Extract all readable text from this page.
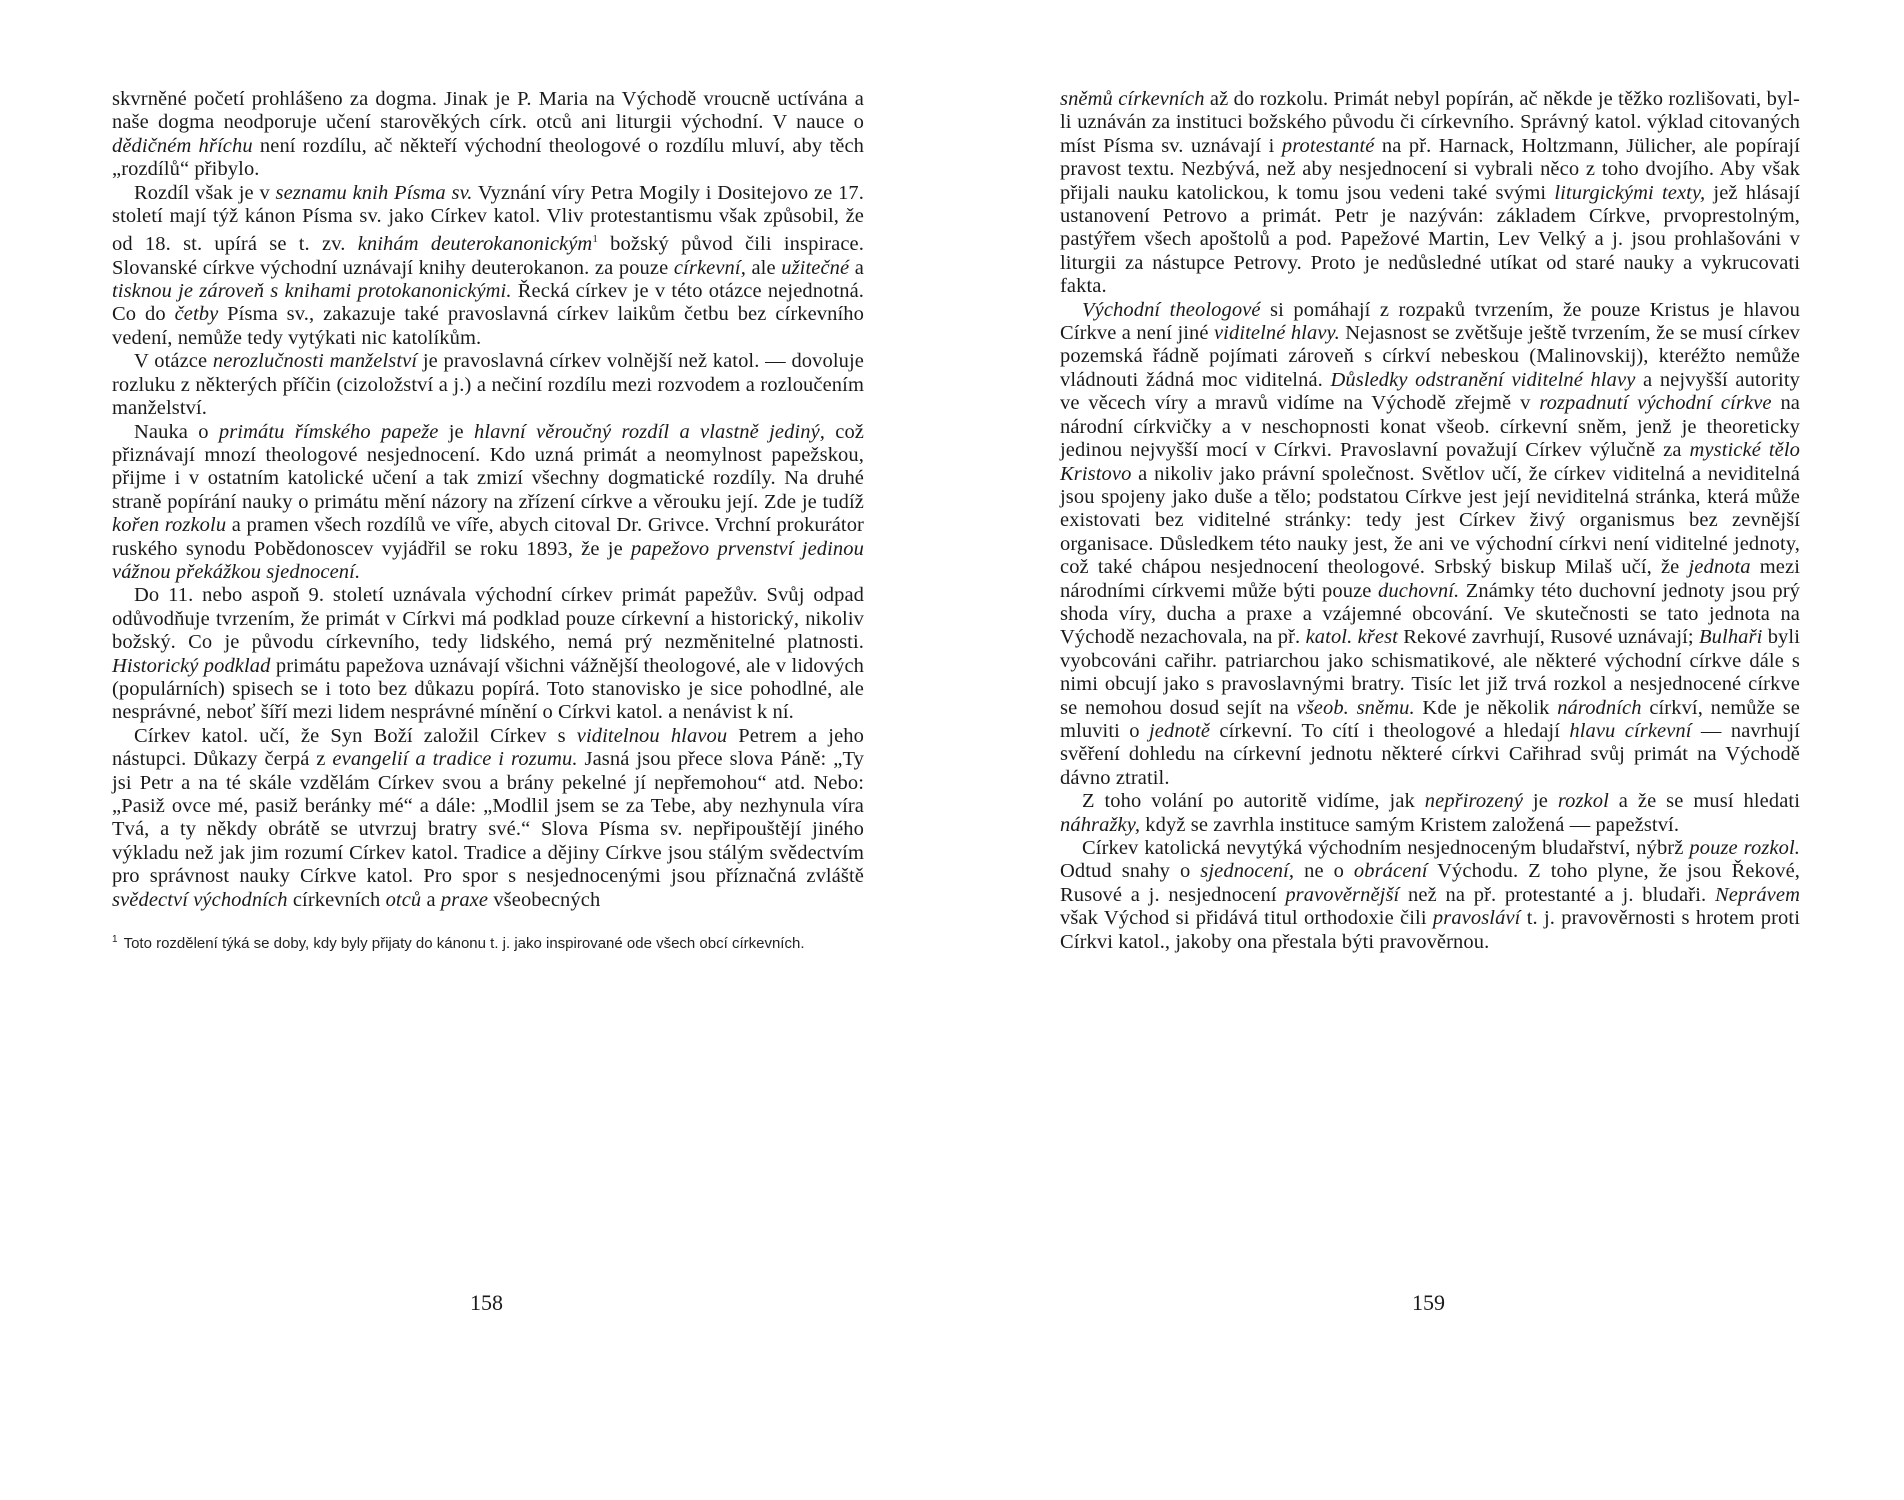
skvrněné početí prohlášeno za dogma. Jinak je P. Maria na Východě vroucně uctívána a naše dogma neodporuje učení starověkých círk. otců ani liturgii východní. V nauce o dědičném hříchu není rozdílu, ač někteří východní theologové o rozdílu mluví, aby těch „rozdílů“ přibylo.

Rozdíl však je v seznamu knih Písma sv. Vyznání víry Petra Mogily i Dositejovo ze 17. století mají týž kánon Písma sv. jako Církev katol. Vliv protestantismu však způsobil, že od 18. st. upírá se t. zv. knihám deuterokanonickým$^1$ božský původ čili inspirace. Slovanské církve východní uznávají knihy deuterokanon. za pouze církevní, ale užitečné a tisknou je zároveň s knihami protokanonickými. Řecká církev je v této otázce nejednotná. Co do četby Písma sv., zakazuje také pravoslavná církev laikům četbu bez církevního vedení, nemůže tedy vytýkati nic katolíkům.

V otázce nerozlučnosti manželství je pravoslavná církev volnější než katol. — dovoluje rozluku z některých příčin (cizoložství a j.) a nečiní rozdílu mezi rozvodem a rozloučením manželství.

Nauka o primátu římského papeže je hlavní věroučný rozdíl a vlastně jediný, což přiznávají mnozí theologové nesjednocení. Kdo uzná primát a neomylnost papežskou, přijme i v ostatním katolické učení a tak zmizí všechny dogmatické rozdíly. Na druhé straně popírání nauky o primátu mění názory na zřízení církve a věrouku její. Zde je tudíž kořen rozkolu a pramen všech rozdílů ve víře, abych citoval Dr. Grivce. Vrchní prokurátor ruského synodu Pobědonoscev vyjádřil se roku 1893, že je papežovo prvenství jedinou vážnou překážkou sjednocení.

Do 11. nebo aspoň 9. století uznávala východní církev primát papežův. Svůj odpad odůvodňuje tvrzením, že primát v Církvi má podklad pouze církevní a historický, nikoliv božský. Co je původu církevního, tedy lidského, nemá prý nezměnitelné platnosti. Historický podklad primátu papežova uznávají všichni vážnější theologové, ale v lidových (populárních) spisech se i toto bez důkazu popírá. Toto stanovisko je sice pohodlné, ale nesprávné, neboť šíří mezi lidem nesprávné mínění o Církvi katol. a nenávist k ní.

Církev katol. učí, že Syn Boží založil Církev s viditelnou hlavou Petrem a jeho nástupci. Důkazy čerpá z evangelií a tradice i rozumu. Jasná jsou přece slova Páně: „Ty jsi Petr a na té skále vzdělám Církev svou a brány pekelné jí nepřemohou“ atd. Nebo: „Pasiž ovce mé, pasiž beránky mé“ a dále: „Modlil jsem se za Tebe, aby nezhynula víra Tvá, a ty někdy obrátě se utvrzuj bratry své.“ Slova Písma sv. nepřipouštějí jiného výkladu než jak jim rozumí Církev katol. Tradice a dějiny Církve jsou stálým svědectvím pro správnost nauky Církve katol. Pro spor s nesjednocenými jsou příznačná zvláště svědectví východních církevních otců a praxe všeobecných

$^1$ Toto rozdělení týká se doby, kdy byly přijaty do kánonu t. j. jako inspirované ode všech obcí církevních.

sněmů církevních až do rozkolu. Primát nebyl popírán, ač někde je těžko rozlišovati, byl-li uznáván za instituci božského původu či církevního. Správný katol. výklad citovaných míst Písma sv. uznávají i protestanté na př. Harnack, Holtzmann, Jülicher, ale popírají pravost textu. Nezbývá, než aby nesjednocení si vybrali něco z toho dvojího. Aby však přijali nauku katolickou, k tomu jsou vedeni také svými liturgickými texty, jež hlásají ustanovení Petrovo a primát. Petr je nazýván: základem Církve, prvoprestolným, pastýřem všech apoštolů a pod. Papežové Martin, Lev Velký a j. jsou prohlašováni v liturgii za nástupce Petrovy. Proto je nedůsledné utíkat od staré nauky a vykrucovati fakta.

Východní theologové si pomáhají z rozpaků tvrzením, že pouze Kristus je hlavou Církve a není jiné viditelné hlavy. Nejasnost se zvětšuje ještě tvrzením, že se musí církev pozemská řádně pojímati zároveň s církví nebeskou (Malinovskij), kteréžto nemůže vládnouti žádná moc viditelná. Důsledky odstranění viditelné hlavy a nejvyšší autority ve věcech víry a mravů vidíme na Východě zřejmě v rozpadnutí východní církve na národní církvičky a v neschopnosti konat všeob. církevní sněm, jenž je theoreticky jedinou nejvyšší mocí v Církvi. Pravoslavní považují Církev výlučně za mystické tělo Kristovo a nikoliv jako právní společnost. Světlov učí, že církev viditelná a neviditelná jsou spojeny jako duše a tělo; podstatou Církve jest její neviditelná stránka, která může existovati bez viditelné stránky: tedy jest Církev živý organismus bez zevnější organisace. Důsledkem této nauky jest, že ani ve východní církvi není viditelné jednoty, což také chápou nesjednocení theologové. Srbský biskup Milaš učí, že jednota mezi národními církvemi může býti pouze duchovní. Známky této duchovní jednoty jsou prý shoda víry, ducha a praxe a vzájemné obcování. Ve skutečnosti se tato jednota na Východě nezachovala, na př. katol. křest Rekové zavrhují, Rusové uznávají; Bulhaři byli vyobcováni cařihr. patriarchou jako schismatikové, ale některé východní církve dále s nimi obcují jako s pravoslavnými bratry. Tisíc let již trvá rozkol a nesjednocené církve se nemohou dosud sejít na všeob. sněmu. Kde je několik národních církví, nemůže se mluviti o jednotě církevní. To cítí i theologové a hledají hlavu církevní — navrhují svěření dohledu na církevní jednotu některé církvi Cařihrad svůj primát na Východě dávno ztratil.

Z toho volání po autoritě vidíme, jak nepřirozený je rozkol a že se musí hledati náhražky, když se zavrhla instituce samým Kristem založená — papežství.

Církev katolická nevytýká východním nesjednoceným bludařství, nýbrž pouze rozkol. Odtud snahy o sjednocení, ne o obrácení Východu. Z toho plyne, že jsou Řekové, Rusové a j. nesjednocení pravověrnější než na př. protestanté a j. bludaři. Neprávem však Východ si přidává titul orthodoxie čili pravosláví t. j. pravověrnosti s hrotem proti Církvi katol., jakoby ona přestala býti pravověrnou.

158	159
